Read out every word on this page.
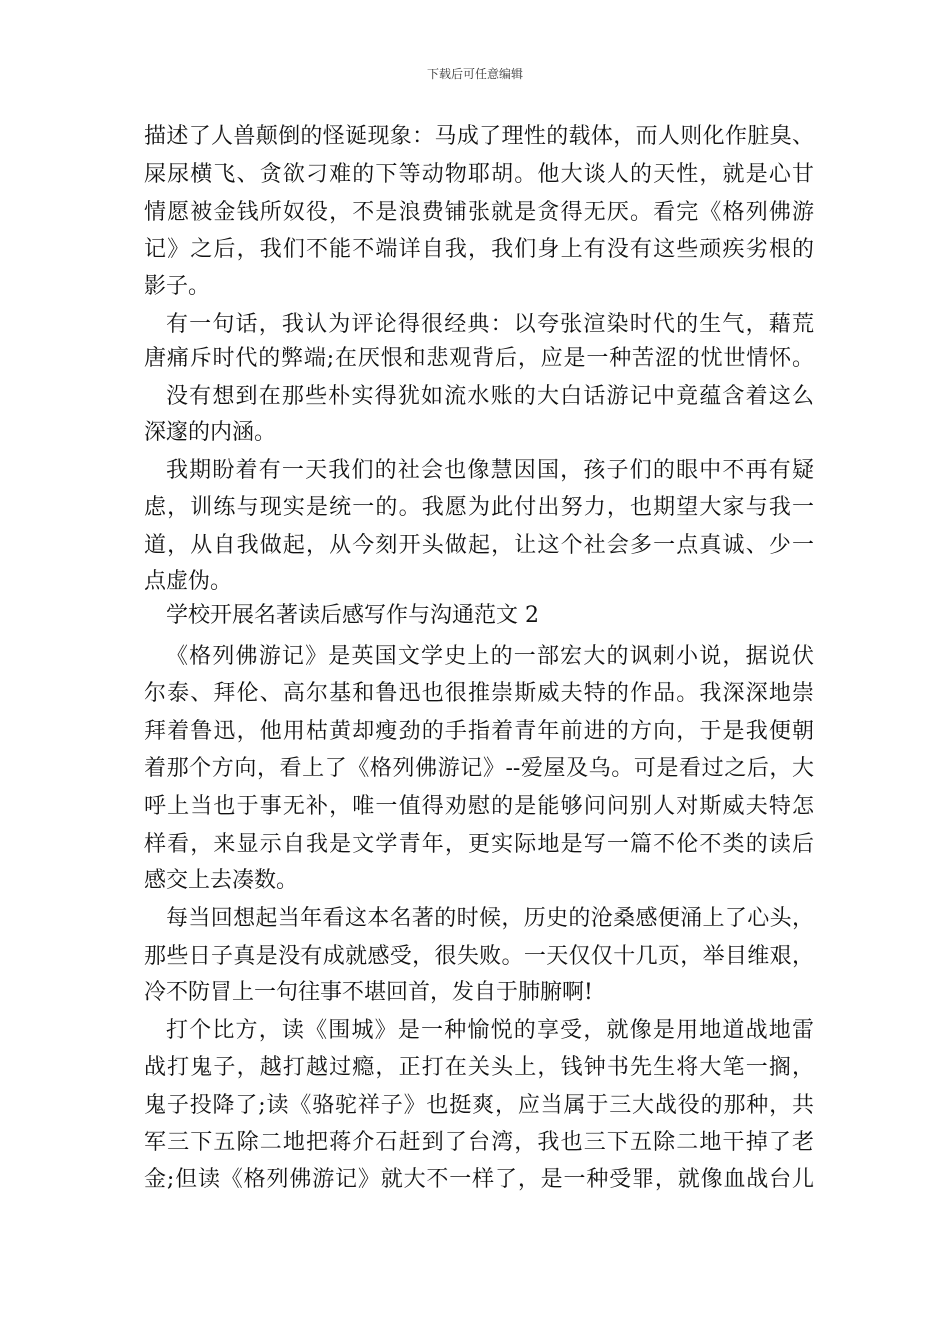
下载后可任意编辑
描述了人兽颠倒的怪诞现象：马成了理性的载体，而人则化作脏臭、
屎尿横飞、贪欲刁难的下等动物耶胡。他大谈人的天性，就是心甘
情愿被金钱所奴役，不是浪费铺张就是贪得无厌。看完《格列佛游
记》之后，我们不能不端详自我，我们身上有没有这些顽疾劣根的
影子。
有一句话，我认为评论得很经典：以夸张渲染时代的生气，藉荒
唐痛斥时代的弊端;在厌恨和悲观背后，应是一种苦涩的忧世情怀。
没有想到在那些朴实得犹如流水账的大白话游记中竟蕴含着这么
深邃的内涵。
我期盼着有一天我们的社会也像慧因国，孩子们的眼中不再有疑
虑，训练与现实是统一的。我愿为此付出努力，也期望大家与我一
道，从自我做起，从今刻开头做起，让这个社会多一点真诚、少一
点虚伪。
学校开展名著读后感写作与沟通范文 2
《格列佛游记》是英国文学史上的一部宏大的讽刺小说，据说伏
尔泰、拜伦、高尔基和鲁迅也很推崇斯威夫特的作品。我深深地崇
拜着鲁迅，他用枯黄却瘦劲的手指着青年前进的方向，于是我便朝
着那个方向，看上了《格列佛游记》--爱屋及乌。可是看过之后，大
呼上当也于事无补，唯一值得劝慰的是能够问问别人对斯威夫特怎
样看，来显示自我是文学青年，更实际地是写一篇不伦不类的读后
感交上去凑数。
每当回想起当年看这本名著的时候，历史的沧桑感便涌上了心头，
那些日子真是没有成就感受，很失败。一天仅仅十几页，举目维艰，
冷不防冒上一句往事不堪回首，发自于肺腑啊!
打个比方，读《围城》是一种愉悦的享受，就像是用地道战地雷
战打鬼子，越打越过瘾，正打在关头上，钱钟书先生将大笔一搁，
鬼子投降了;读《骆驼祥子》也挺爽，应当属于三大战役的那种，共
军三下五除二地把蒋介石赶到了台湾，我也三下五除二地干掉了老
金;但读《格列佛游记》就大不一样了，是一种受罪，就像血战台儿
